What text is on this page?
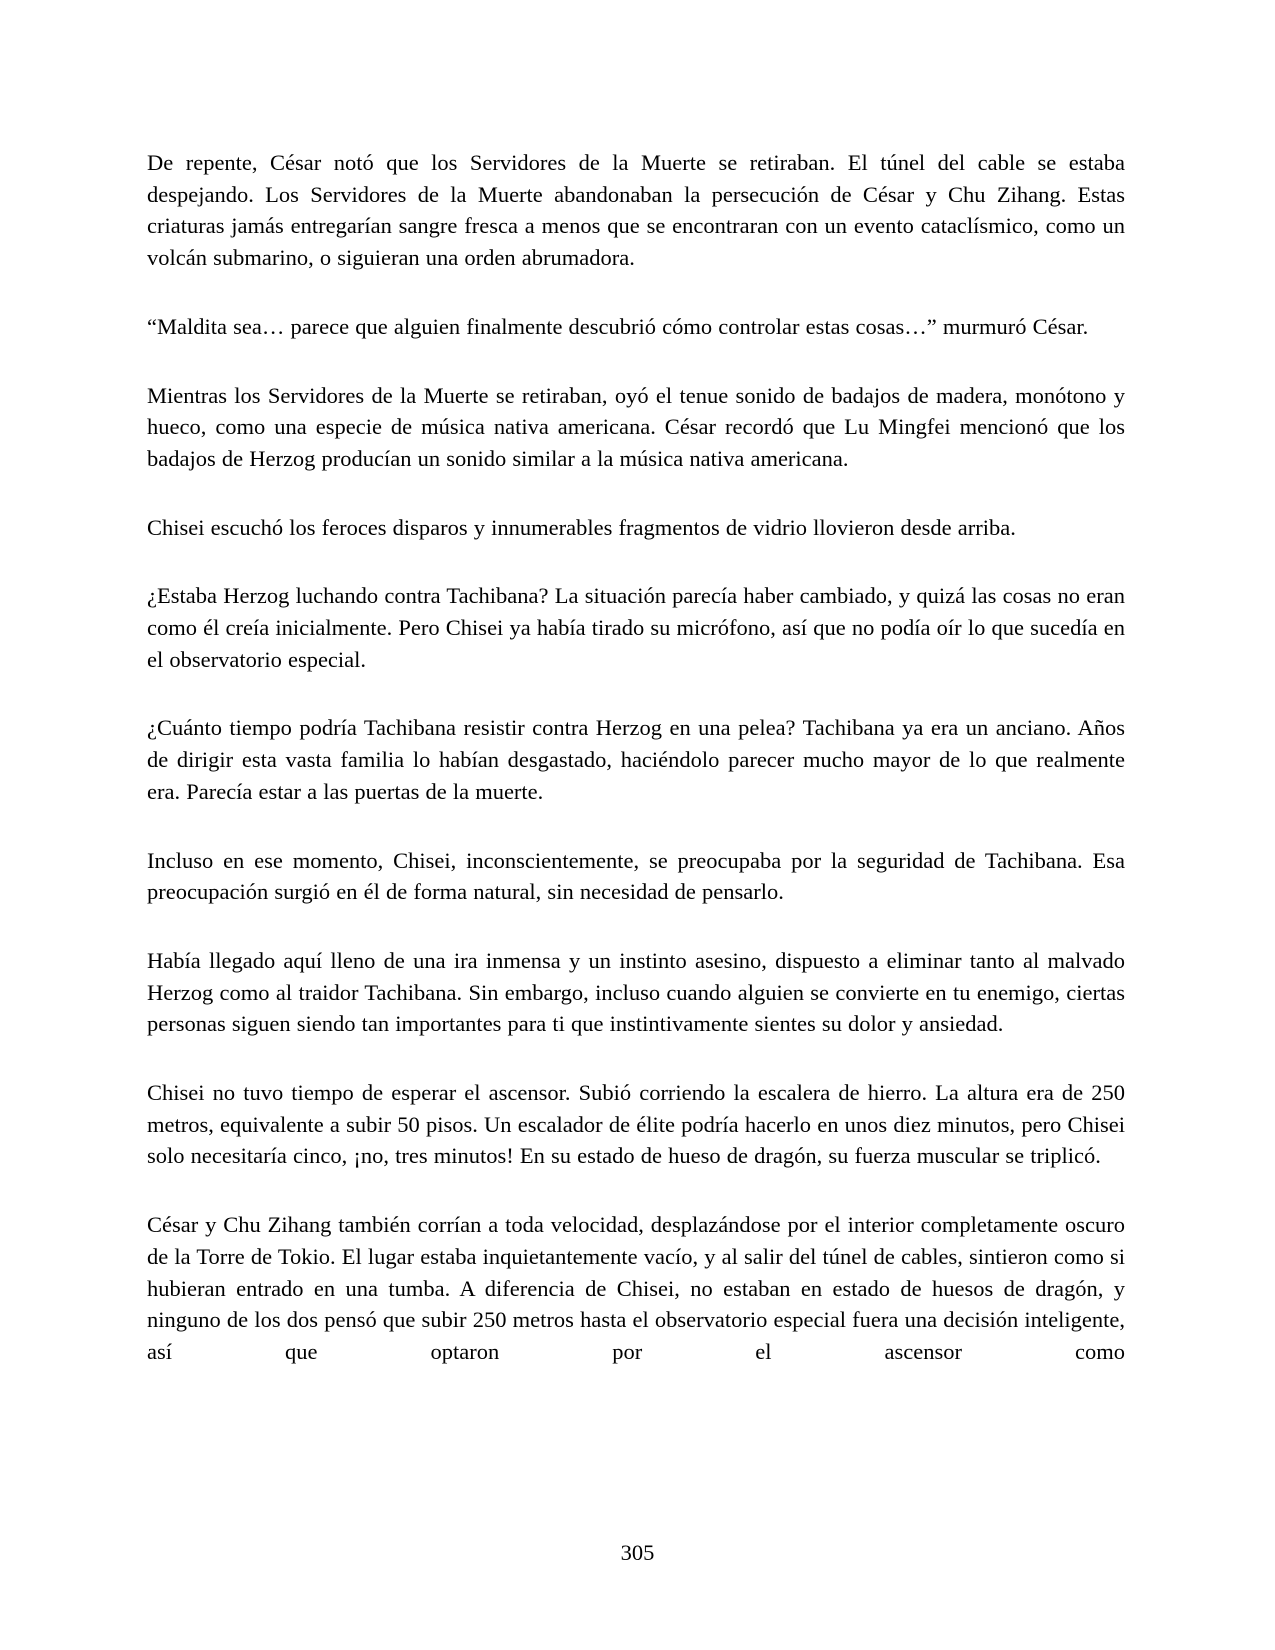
De repente, César notó que los Servidores de la Muerte se retiraban. El túnel del cable se estaba despejando. Los Servidores de la Muerte abandonaban la persecución de César y Chu Zihang. Estas criaturas jamás entregarían sangre fresca a menos que se encontraran con un evento cataclísmico, como un volcán submarino, o siguieran una orden abrumadora.

“Maldita sea… parece que alguien finalmente descubrió cómo controlar estas cosas…” murmuró César.

Mientras los Servidores de la Muerte se retiraban, oyó el tenue sonido de badajos de madera, monótono y hueco, como una especie de música nativa americana. César recordó que Lu Mingfei mencionó que los badajos de Herzog producían un sonido similar a la música nativa americana.

Chisei escuchó los feroces disparos y innumerables fragmentos de vidrio llovieron desde arriba.

¿Estaba Herzog luchando contra Tachibana? La situación parecía haber cambiado, y quizá las cosas no eran como él creía inicialmente. Pero Chisei ya había tirado su micrófono, así que no podía oír lo que sucedía en el observatorio especial.

¿Cuánto tiempo podría Tachibana resistir contra Herzog en una pelea? Tachibana ya era un anciano. Años de dirigir esta vasta familia lo habían desgastado, haciéndolo parecer mucho mayor de lo que realmente era. Parecía estar a las puertas de la muerte.

Incluso en ese momento, Chisei, inconscientemente, se preocupaba por la seguridad de Tachibana. Esa preocupación surgió en él de forma natural, sin necesidad de pensarlo.

Había llegado aquí lleno de una ira inmensa y un instinto asesino, dispuesto a eliminar tanto al malvado Herzog como al traidor Tachibana. Sin embargo, incluso cuando alguien se convierte en tu enemigo, ciertas personas siguen siendo tan importantes para ti que instintivamente sientes su dolor y ansiedad.

Chisei no tuvo tiempo de esperar el ascensor. Subió corriendo la escalera de hierro. La altura era de 250 metros, equivalente a subir 50 pisos. Un escalador de élite podría hacerlo en unos diez minutos, pero Chisei solo necesitaría cinco, ¡no, tres minutos! En su estado de hueso de dragón, su fuerza muscular se triplicó.

César y Chu Zihang también corrían a toda velocidad, desplazándose por el interior completamente oscuro de la Torre de Tokio. El lugar estaba inquietantemente vacío, y al salir del túnel de cables, sintieron como si hubieran entrado en una tumba. A diferencia de Chisei, no estaban en estado de huesos de dragón, y ninguno de los dos pensó que subir 250 metros hasta el observatorio especial fuera una decisión inteligente, así que optaron por el ascensor como

305
